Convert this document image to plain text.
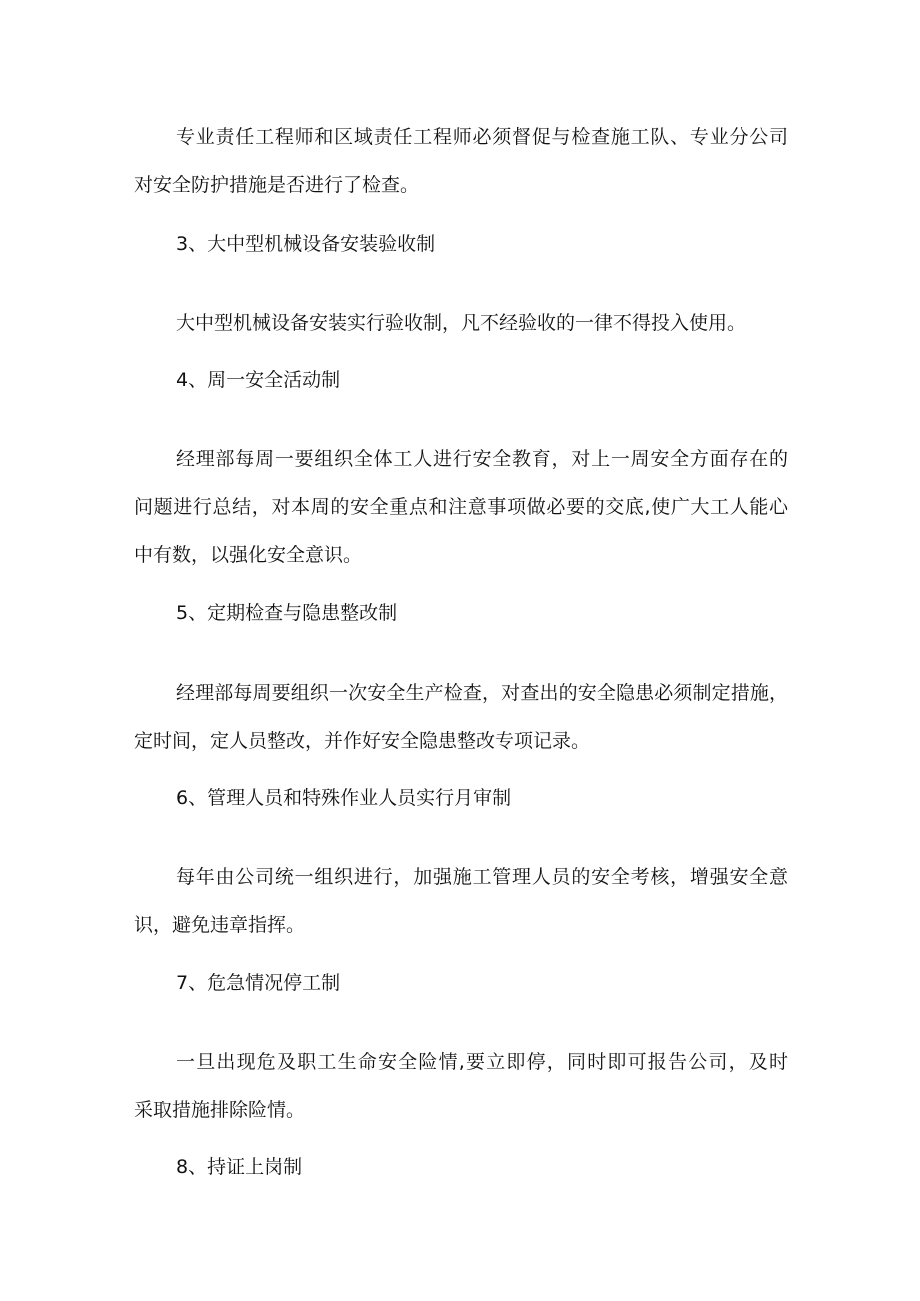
专业责任工程师和区域责任工程师必须督促与检查施工队、专业分公司
对安全防护措施是否进行了检查。
3、大中型机械设备安装验收制
大中型机械设备安装实行验收制，凡不经验收的一律不得投入使用。
4、周一安全活动制
经理部每周一要组织全体工人进行安全教育，对上一周安全方面存在的
问题进行总结，对本周的安全重点和注意事项做必要的交底,使广大工人能心
中有数，以强化安全意识。
5、定期检查与隐患整改制
经理部每周要组织一次安全生产检查，对查出的安全隐患必须制定措施，
定时间，定人员整改，并作好安全隐患整改专项记录。
6、管理人员和特殊作业人员实行月审制
每年由公司统一组织进行，加强施工管理人员的安全考核，增强安全意
识，避免违章指挥。
7、危急情况停工制
一旦出现危及职工生命安全险情,要立即停，同时即可报告公司，及时
采取措施排除险情。
8、持证上岗制
